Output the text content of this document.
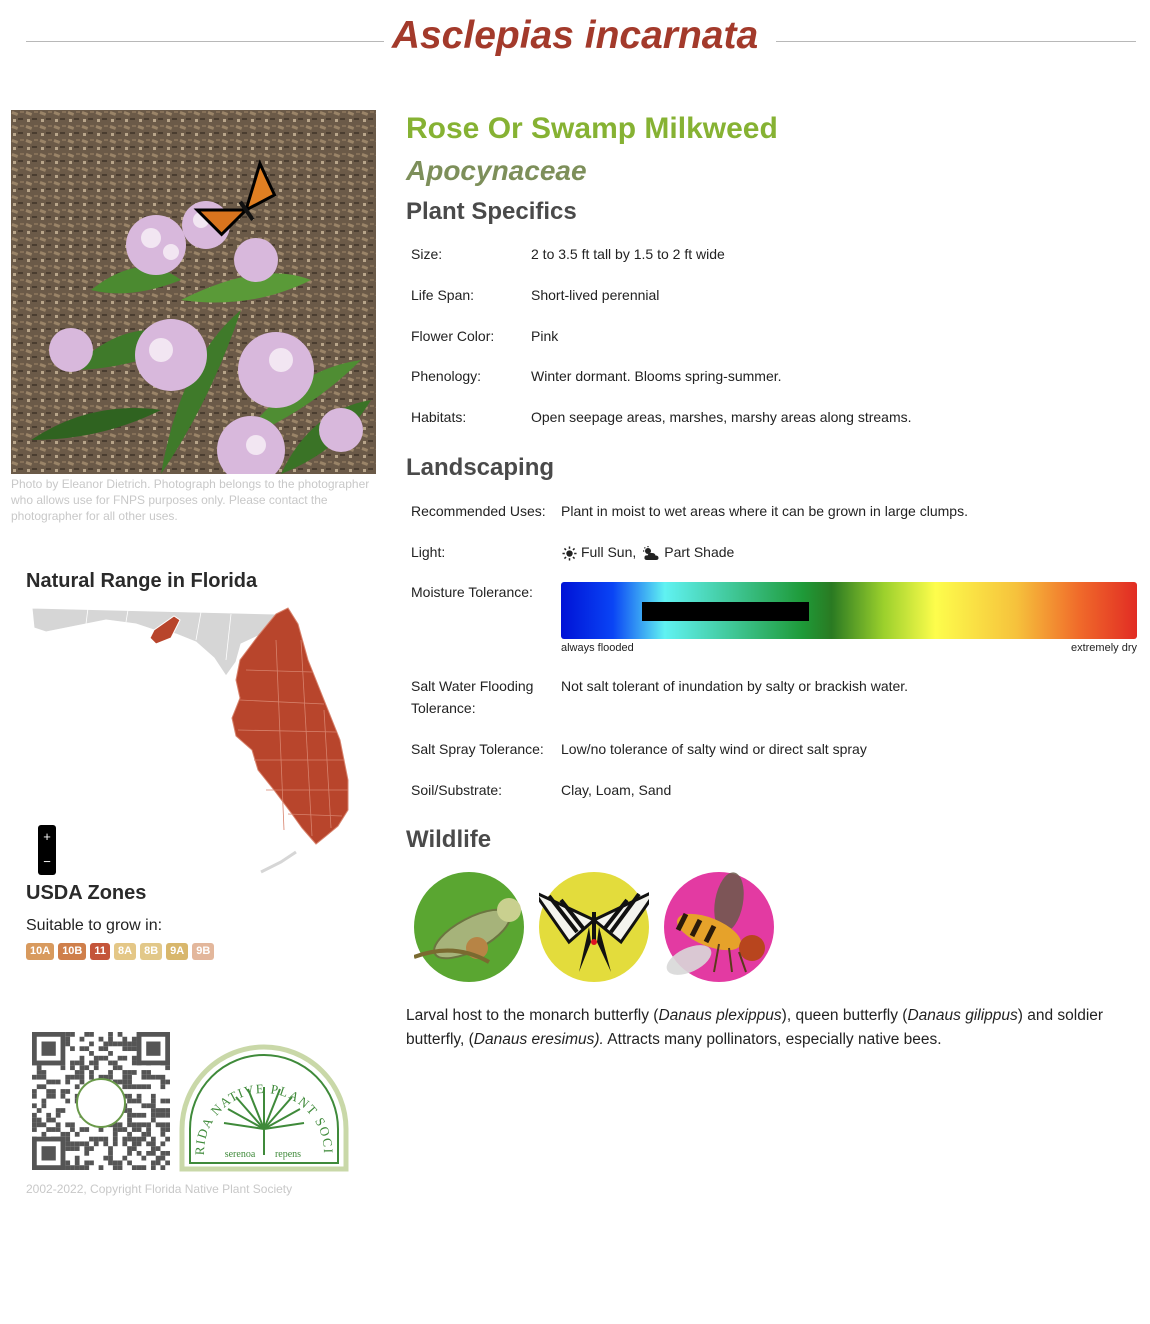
Asclepias incarnata
Photo by Eleanor Dietrich. Photograph belongs to the photographer who allows use for FNPS purposes only. Please contact the photographer for all other uses.
Rose Or Swamp Milkweed
Apocynaceae
Plant Specifics
Size:	2 to 3.5 ft tall by 1.5 to 2 ft wide
Life Span:	Short-lived perennial
Flower Color:	Pink
Phenology:	Winter dormant. Blooms spring-summer.
Habitats:	Open seepage areas, marshes, marshy areas along streams.
Landscaping
Recommended Uses: Plant in moist to wet areas where it can be grown in large clumps.
Light:	Full Sun, Part Shade
Moisture Tolerance:
always flooded	extremely dry
Salt Water Flooding Tolerance:
Not salt tolerant of inundation by salty or brackish water.
Salt Spray Tolerance: Low/no tolerance of salty wind or direct salt spray
Soil/Substrate:	Clay, Loam, Sand
Wildlife
Larval host to the monarch butterfly (Danaus plexippus), queen butterfly (Danaus gilippus) and soldier butterfly, (Danaus eresimus). Attracts many pollinators, especially native bees.
Natural Range in Florida
+
−
USDA Zones
Suitable to grow in:
10A	10B	11	8A	8B	9A	9B
RIDA NATIVE PLANT SOCI
serenoa repens
2002-2022, Copyright Florida Native Plant Society
